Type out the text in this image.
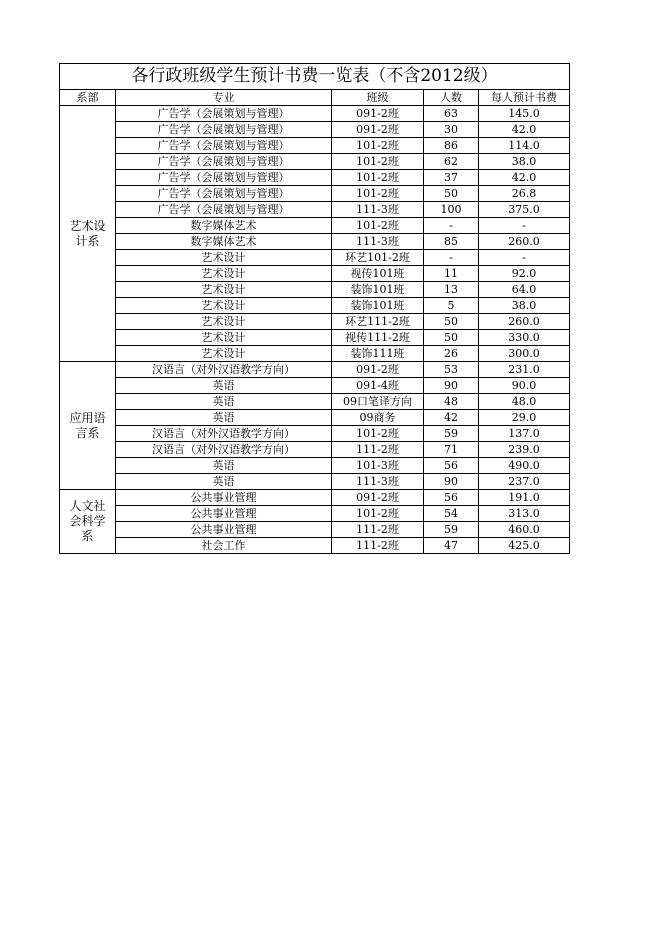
各行政班级学生预计书费一览表（不含2012级）				
系部	专业	班级	人数	每人预计书费
艺术设计系	广告学（会展策划与管理）	091-2班	63	145.0
	广告学（会展策划与管理）	091-2班	30	42.0
	广告学（会展策划与管理）	101-2班	86	114.0
	广告学（会展策划与管理）	101-2班	62	38.0
	广告学（会展策划与管理）	101-2班	37	42.0
	广告学（会展策划与管理）	101-2班	50	26.8
	广告学（会展策划与管理）	111-3班	100	375.0
	数字媒体艺术	101-2班	-	-
	数字媒体艺术	111-3班	85	260.0
	艺术设计	环艺101-2班	-	-
	艺术设计	视传101班	11	92.0
	艺术设计	装饰101班	13	64.0
	艺术设计	装饰101班	5	38.0
	艺术设计	环艺111-2班	50	260.0
	艺术设计	视传111-2班	50	330.0
	艺术设计	装饰111班	26	300.0
应用语言系	汉语言（对外汉语教学方向）	091-2班	53	231.0
	英语	091-4班	90	90.0
	英语	09口笔译方向	48	48.0
	英语	09商务	42	29.0
	汉语言（对外汉语教学方向）	101-2班	59	137.0
	汉语言（对外汉语教学方向）	111-2班	71	239.0
	英语	101-3班	56	490.0
	英语	111-3班	90	237.0
人文社会科学系	公共事业管理	091-2班	56	191.0
	公共事业管理	101-2班	54	313.0
	公共事业管理	111-2班	59	460.0
	社会工作	111-2班	47	425.0
